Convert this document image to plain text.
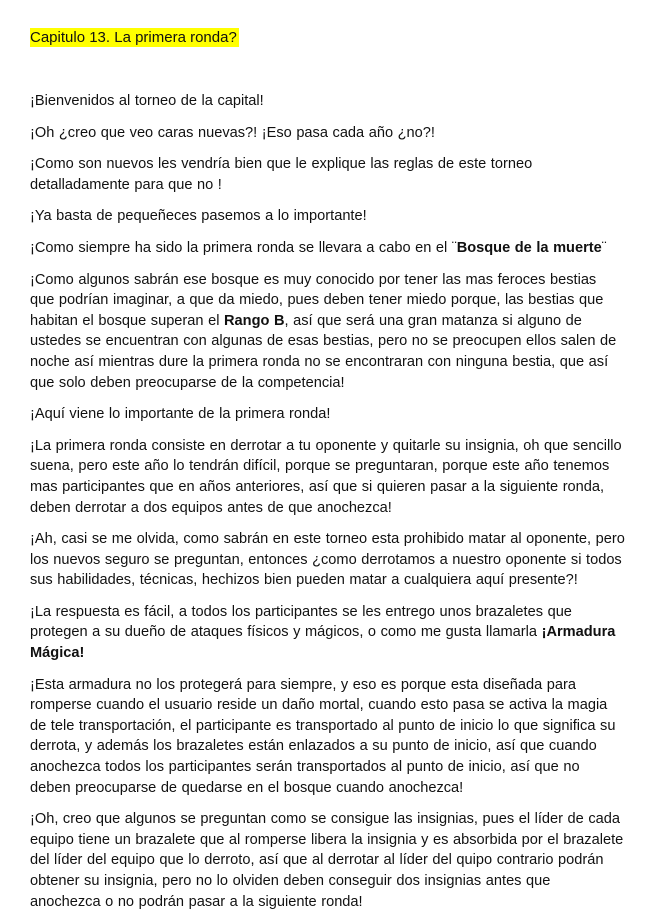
Capitulo 13. La primera ronda?

¡Bienvenidos al torneo de la capital!

¡Oh ¿creo que veo caras nuevas?! ¡Eso pasa cada año ¿no?!

¡Como son nuevos les vendría bien que le explique las reglas de este torneo
detalladamente para que no !

¡Ya basta de pequeñeces pasemos a lo importante!

¡Como siempre ha sido la primera ronda se llevara a cabo en el ¨Bosque de la muerte¨

¡Como algunos sabrán ese bosque es muy conocido por tener las mas feroces bestias
que podrían imaginar, a que da miedo, pues deben tener miedo porque, las bestias que
habitan el bosque superan el Rango B, así que será una gran matanza si alguno de
ustedes se encuentran con algunas de esas bestias, pero no se preocupen ellos salen de
noche así mientras dure la primera ronda no se encontraran con ninguna bestia, que así
que solo deben preocuparse de la competencia!

¡Aquí viene lo importante de la primera ronda!

¡La primera ronda consiste en derrotar a tu oponente y quitarle su insignia, oh que sencillo
suena, pero este año lo tendrán difícil, porque se preguntaran, porque este año tenemos
mas participantes que en años anteriores, así que si quieren pasar a la siguiente ronda,
deben derrotar a dos equipos antes de que anochezca!

¡Ah, casi se me olvida, como sabrán en este torneo esta prohibido matar al oponente, pero
los nuevos seguro se preguntan, entonces ¿como derrotamos a nuestro oponente si todos
sus habilidades, técnicas, hechizos bien pueden matar a cualquiera aquí presente?!

¡La respuesta es fácil, a todos los participantes se les entrego unos brazaletes que
protegen a su dueño de ataques físicos y mágicos, o como me gusta llamarla ¡Armadura
Mágica!

¡Esta armadura no los protegerá para siempre, y eso es porque esta diseñada para
romperse cuando el usuario reside un daño mortal, cuando esto pasa se activa la magia
de tele transportación, el participante es transportado al punto de inicio lo que significa su
derrota, y además los brazaletes están enlazados a su punto de inicio, así que cuando
anochezca todos los participantes serán transportados al punto de inicio, así que no
deben preocuparse de quedarse en el bosque cuando anochezca!

¡Oh, creo que algunos se preguntan como se consigue las insignias, pues el líder de cada
equipo tiene un brazalete que al romperse libera la insignia y es absorbida por el brazalete
del líder del equipo que lo derroto, así que al derrotar al líder del quipo contrario podrán
obtener su insignia, pero no lo olviden deben conseguir dos insignias antes que
anochezca o no podrán pasar a la siguiente ronda!
